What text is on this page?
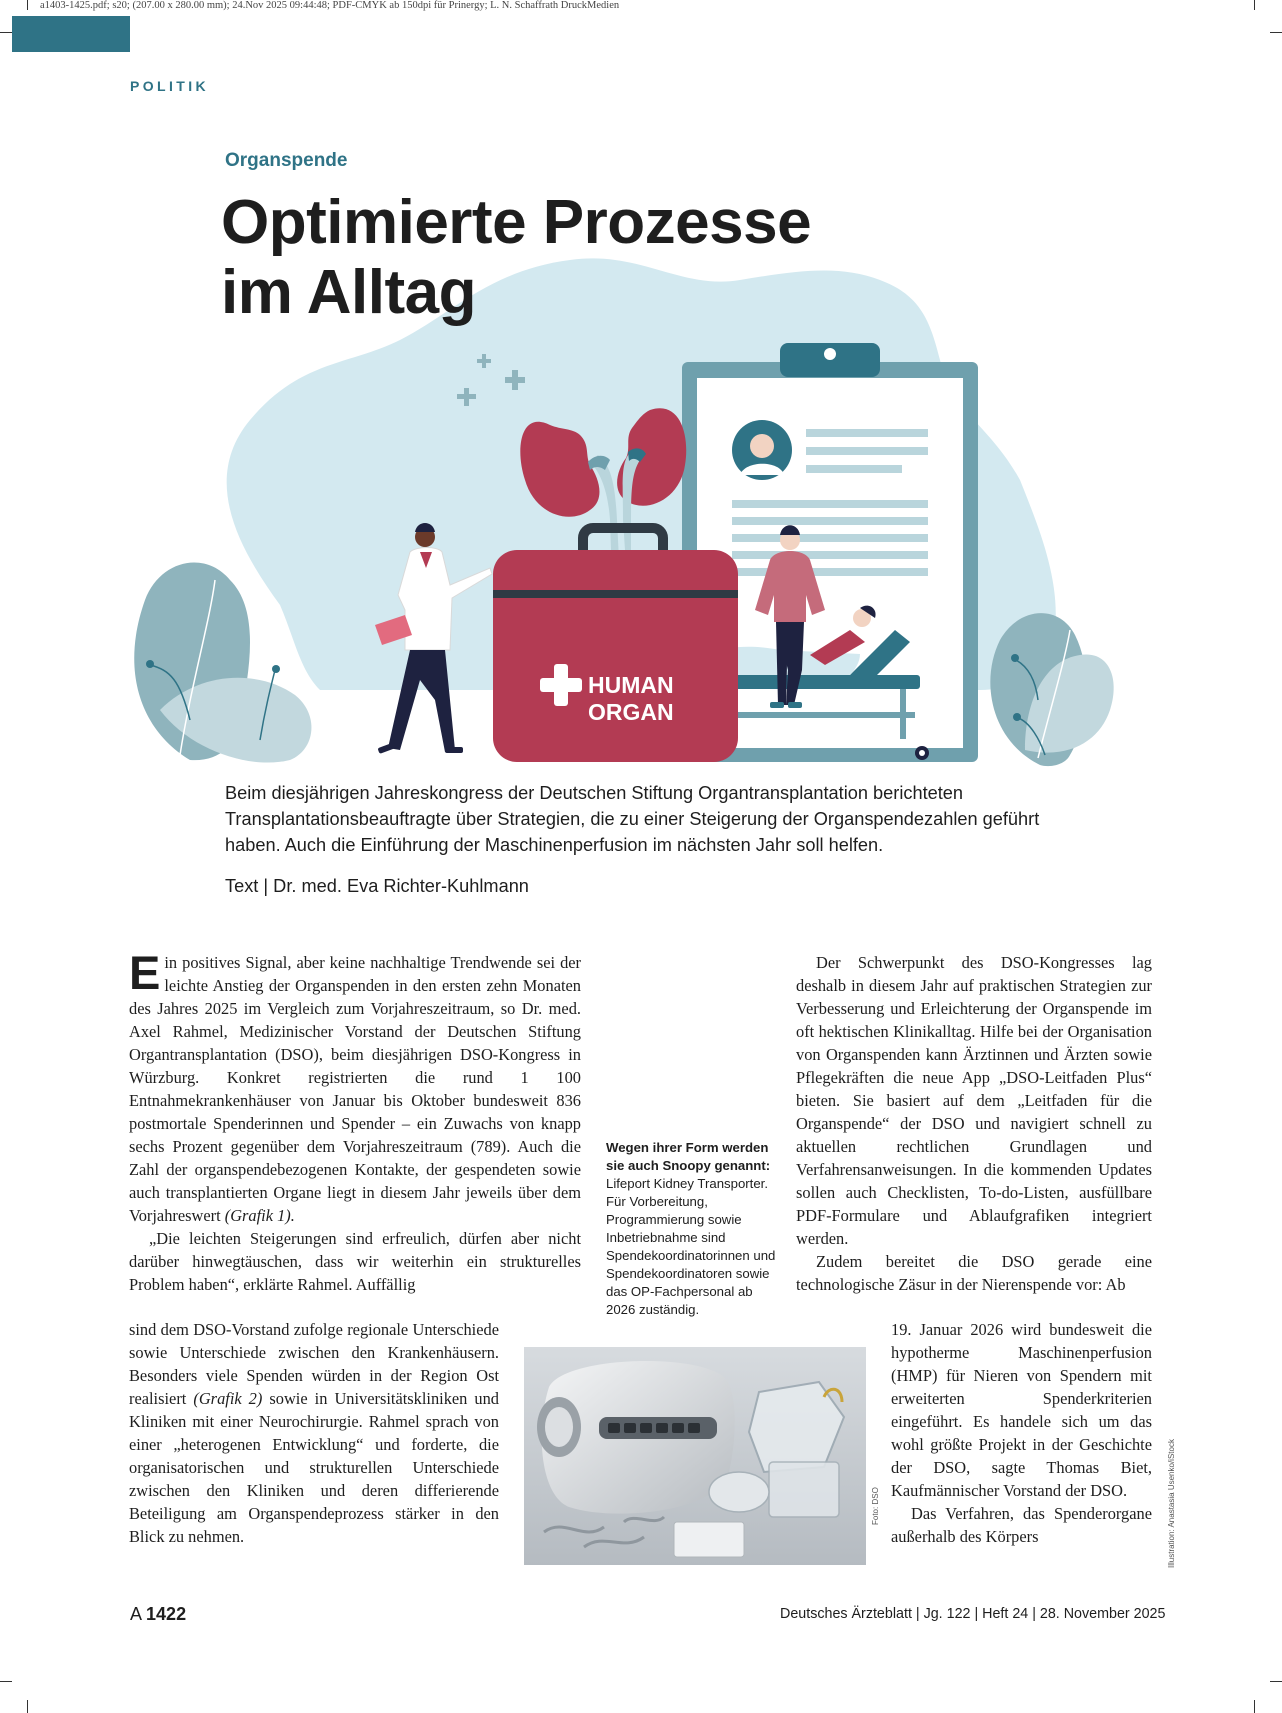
a1403-1425.pdf; s20; (207.00 x 280.00 mm); 24.Nov 2025 09:44:48; PDF-CMYK ab 150dpi für Prinergy; L. N. Schaffrath DruckMedien
POLITIK
Organspende
HUMAN
ORGAN
Optimierte Prozesse
im Alltag
Illustration: Anastasia Usenko/iStock
Beim diesjährigen Jahreskongress der Deutschen Stiftung Organtransplantation berichteten Transplantationsbeauftragte über Strategien, die zu einer Steigerung der Organspendezahlen geführt haben. Auch die Einführung der Maschinenperfusion im nächsten Jahr soll helfen.
Text | Dr. med. Eva Richter-Kuhlmann

Ein positives Signal, aber keine nachhaltige Trendwende sei der leichte Anstieg der Organspenden in den ersten zehn Monaten des Jahres 2025 im Vergleich zum Vorjahreszeitraum, so Dr. med. Axel Rahmel, Medizinischer Vorstand der Deutschen Stiftung Organtransplantation (DSO), beim diesjährigen DSO-Kongress in Würzburg. Konkret registrierten die rund 1 100 Entnahmekrankenhäuser von Januar bis Oktober bundesweit 836 postmortale Spenderinnen und Spender – ein Zuwachs von knapp sechs Prozent gegenüber dem Vorjahreszeitraum (789). Auch die Zahl der organspendebezogenen Kontakte, der gespendeten sowie auch transplantierten Organe liegt in diesem Jahr jeweils über dem Vorjahreswert (Grafik 1).

„Die leichten Steigerungen sind erfreulich, dürfen aber nicht darüber hinwegtäuschen, dass wir weiterhin ein strukturelles Problem haben“, erklärte Rahmel. Auffällig

sind dem DSO-Vorstand zufolge regionale Unterschiede sowie Unterschiede zwischen den Krankenhäusern. Besonders viele Spenden würden in der Region Ost realisiert (Grafik 2) sowie in Universitätskliniken und Kliniken mit einer Neurochirurgie. Rahmel sprach von einer „heterogenen Entwicklung“ und forderte, die organisatorischen und strukturellen Unterschiede zwischen den Kliniken und deren differierende Beteiligung am Organspendeprozess stärker in den Blick zu nehmen.

Wegen ihrer Form werden sie auch Snoopy genannt: Lifeport Kidney Transporter. Für Vorbereitung, Programmierung sowie Inbetriebnahme sind Spendekoordinatorinnen und Spendekoordinatoren sowie das OP-Fachpersonal ab 2026 zuständig.
Foto: DSO

Der Schwerpunkt des DSO-Kongresses lag deshalb in diesem Jahr auf praktischen Strategien zur Verbesserung und Erleichterung der Organspende im oft hektischen Klinikalltag. Hilfe bei der Organisation von Organspenden kann Ärztinnen und Ärzten sowie Pflegekräften die neue App „DSO-Leitfaden Plus“ bieten. Sie basiert auf dem „Leitfaden für die Organspende“ der DSO und navigiert schnell zu aktuellen rechtlichen Grundlagen und Verfahrensanweisungen. In die kommenden Updates sollen auch Checklisten, To-do-Listen, ausfüllbare PDF-Formulare und Ablaufgrafiken integriert werden.

Zudem bereitet die DSO gerade eine technologische Zäsur in der Nierenspende vor: Ab

19. Januar 2026 wird bundesweit die hypotherme Maschinenperfusion (HMP) für Nieren von Spendern mit erweiterten Spenderkriterien eingeführt. Es handele sich um das wohl größte Projekt in der Geschichte der DSO, sagte Thomas Biet, Kaufmännischer Vorstand der DSO.

Das Verfahren, das Spenderorgane außerhalb des Körpers

A 1422	Deutsches Ärzteblatt | Jg. 122 | Heft 24 | 28. November 2025
